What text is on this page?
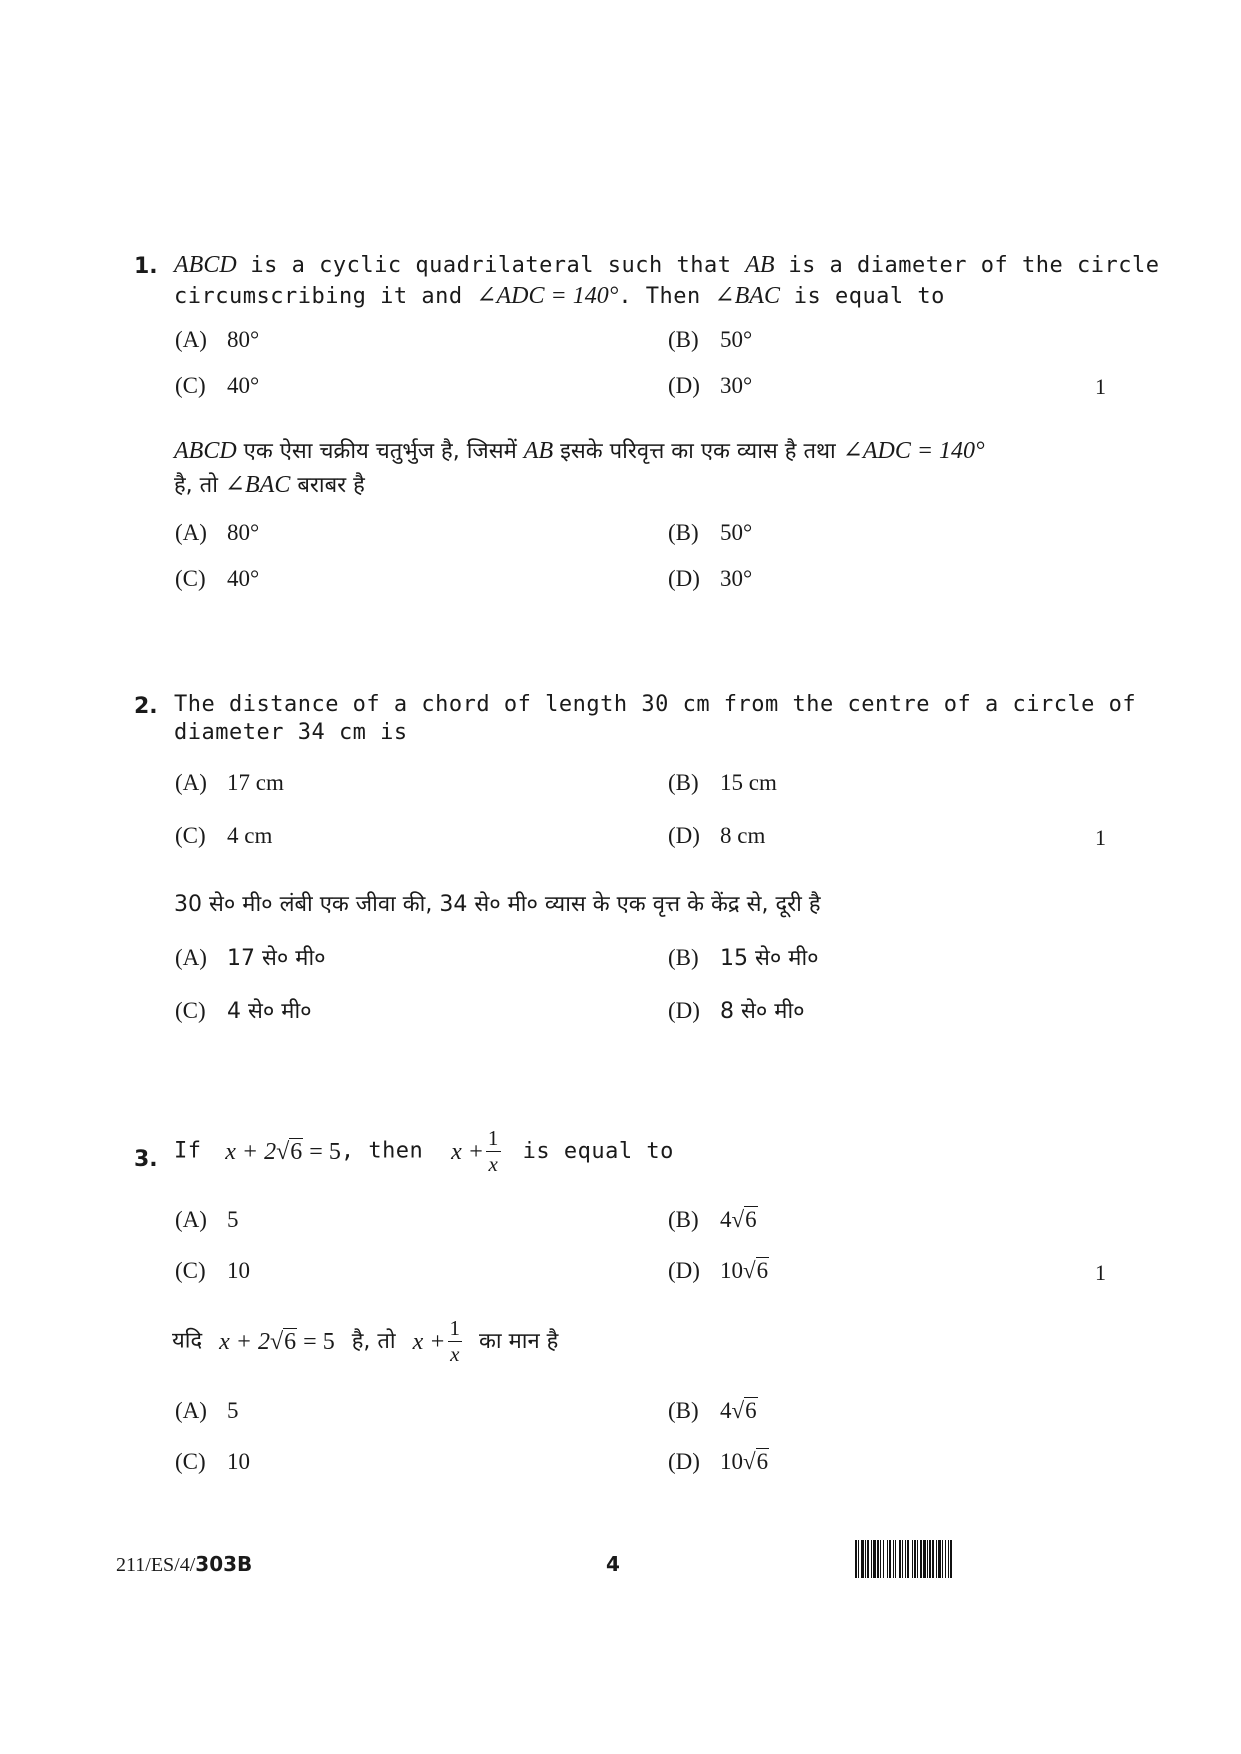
1. ABCD is a cyclic quadrilateral such that AB is a diameter of the circle
circumscribing it and ∠ADC = 140°. Then ∠BAC is equal to
(A) 80°	(B) 50°
(C) 40°	(D) 30°	1
ABCD एक ऐसा चक्रीय चतुर्भुज है, जिसमें AB इसके परिवृत्त का एक व्यास है तथा ∠ADC = 140°
है, तो ∠BAC बराबर है
(A) 80°	(B) 50°
(C) 40°	(D) 30°
2. The distance of a chord of length 30 cm from the centre of a circle of
diameter 34 cm is
(A) 17 cm	(B) 15 cm
(C) 4 cm	(D) 8 cm	1
30 से० मी० लंबी एक जीवा की, 34 से० मी० व्यास के एक वृत्त के केंद्र से, दूरी है
(A) 17 से० मी०	(B) 15 से० मी०
(C) 4 से० मी०	(D) 8 से० मी०
3. If x + 2√6 = 5, then $x + \frac{1}{x}$ is equal to
(A) 5	(B) 4√6
(C) 10	(D) 10√6	1
यदि x + 2√6 = 5 है, तो $x + \frac{1}{x}$ का मान है
(A) 5	(B) 4√6
(C) 10	(D) 10√6
211/ES/4/303B	4
